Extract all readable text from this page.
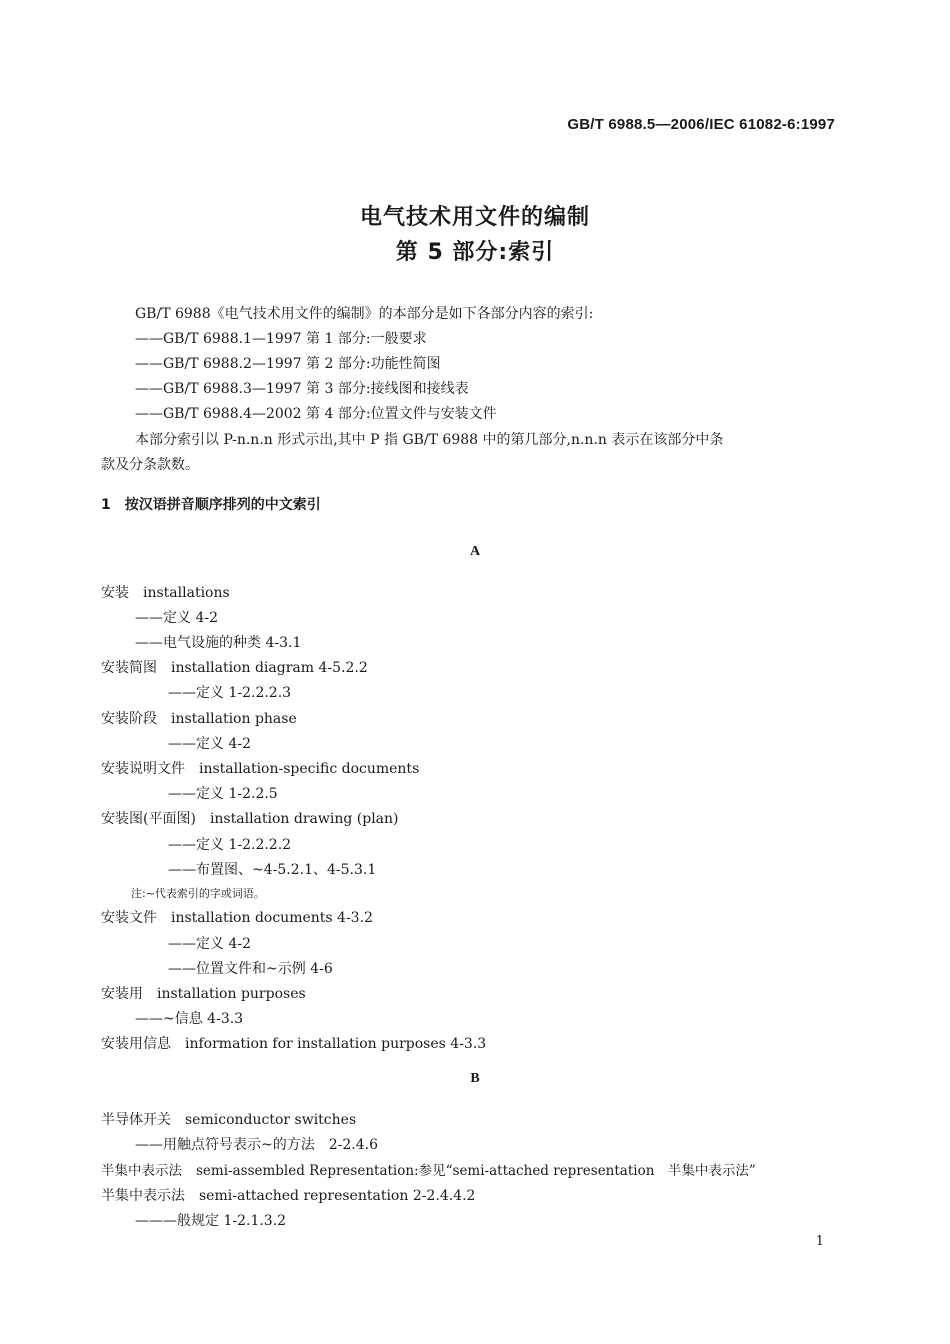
GB/T 6988.5—2006/IEC 61082-6:1997
电气技术用文件的编制
第 5 部分:索引
GB/T 6988《电气技术用文件的编制》的本部分是如下各部分内容的索引:
——GB/T 6988.1—1997 第 1 部分:一般要求
——GB/T 6988.2—1997 第 2 部分:功能性简图
——GB/T 6988.3—1997 第 3 部分:接线图和接线表
——GB/T 6988.4—2002 第 4 部分:位置文件与安装文件
本部分索引以 P-n.n.n 形式示出,其中 P 指 GB/T 6988 中的第几部分,n.n.n 表示在该部分中条
款及分条款数。
1　按汉语拼音顺序排列的中文索引
A
安装 installations
——定义 4-2
——电气设施的种类 4-3.1
安装简图 installation diagram 4-5.2.2
——定义 1-2.2.2.3
安装阶段 installation phase
——定义 4-2
安装说明文件 installation-specific documents
——定义 1-2.2.5
安装图(平面图) installation drawing (plan)
——定义 1-2.2.2.2
——布置图、~4-5.2.1、4-5.3.1
注:~代表索引的字或词语。
安装文件 installation documents 4-3.2
——定义 4-2
——位置文件和~示例 4-6
安装用 installation purposes
——~信息 4-3.3
安装用信息 information for installation purposes 4-3.3
B
半导体开关 semiconductor switches
——用触点符号表示~的方法　2-2.4.6
半集中表示法 semi-assembled Representation:参见“semi-attached representation　半集中表示法”
半集中表示法 semi-attached representation 2-2.4.4.2
———般规定 1-2.1.3.2
1
